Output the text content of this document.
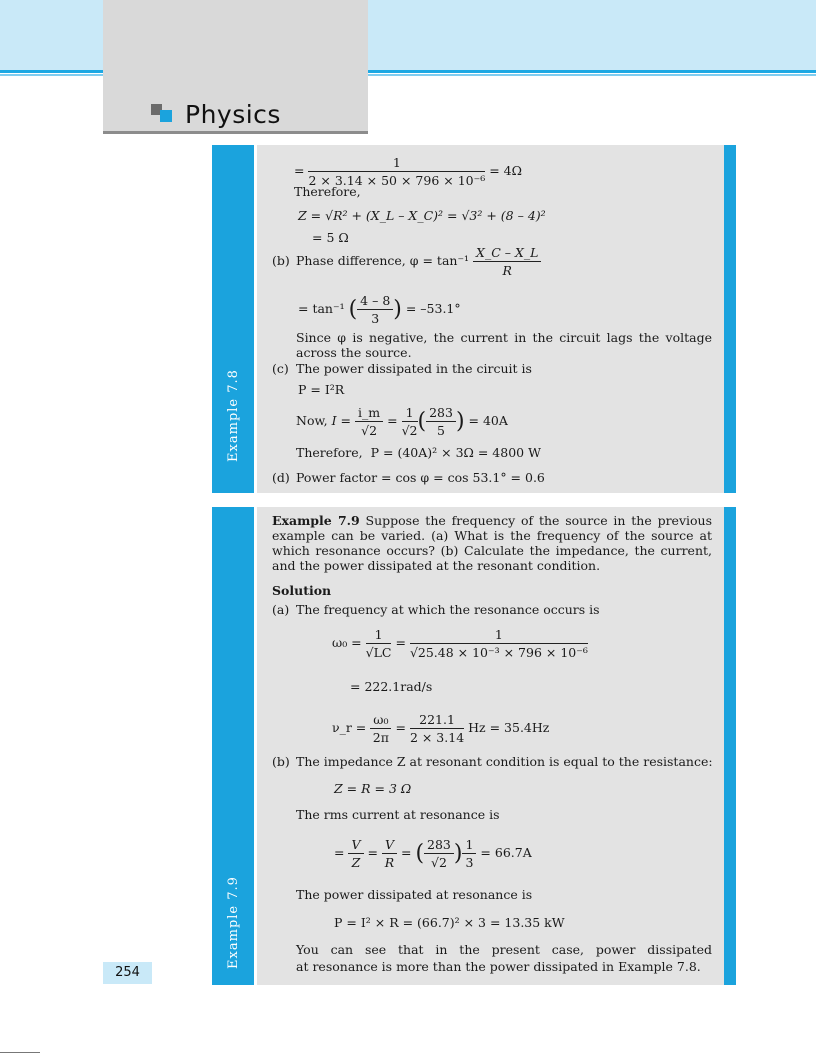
Physics
Example 7.8
= $\frac{1}{\text{2 × 3.14 × 50 × 796 × 10⁻⁶}} = 4\Omega$
Therefore,
Z = √R² + (X_L – X_C)² = √3² + (8 – 4)²
= 5 Ω
(b) Phase difference, $\varphi = \tan^{-1} \frac{X\_C - X\_L}{R}$
= tan⁻¹ ( $\frac{4 - 8}{3}$ ) = –53.1°
Since φ is negative, the current in the circuit lags the voltage
across the source.
(c) The power dissipated in the circuit is
P = I²R
Now, $I = \frac{i\_m}{√2} = \frac{1}{√2}$ ( $\frac{283}{5}$ ) = 40A
Therefore, P = (40A)² × 3Ω = 4800 W
(d) Power factor = cos φ = cos 53.1° = 0.6
Example 7.9
Example 7.9 Suppose the frequency of the source in the previous
example can be varied. (a) What is the frequency of the source at
which resonance occurs? (b) Calculate the impedance, the current,
and the power dissipated at the resonant condition.
Solution
(a) The frequency at which the resonance occurs is
$\omega_0 = \frac{1}{√LC} = \frac{1}{\text{√25.48 × 10⁻³ × 796 × 10⁻⁶}}$
= 222.1rad/s
ν_r = $\frac{\text{ω₀}}{2\pi} = \frac{221.1}{2 \times 3.14}$ Hz = 35.4Hz
(b) The impedance Z at resonant condition is equal to the resistance:
Z = R = 3 Ω
The rms current at resonance is
= $\frac{V}{Z} = \frac{V}{R}$ = ( $\frac{283}{√2}$ ) $\frac{1}{3} = 66.7A$
The power dissipated at resonance is
P = I² × R = (66.7)² × 3 = 13.35 kW
You can see that in the present case, power dissipated
at resonance is more than the power dissipated in Example 7.8.
254
